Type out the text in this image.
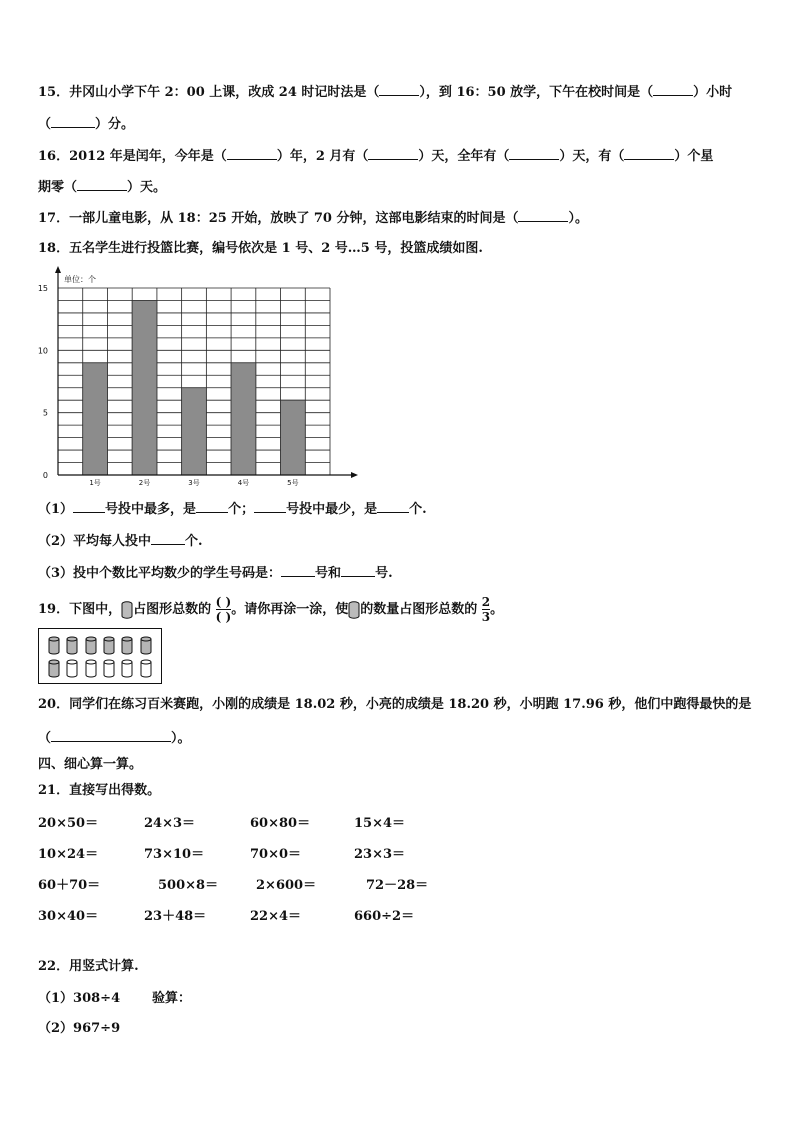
15．井冈山小学下午 2：00 上课，改成 24 时记时法是（	），到 16：50 放学，下午在校时间是（	）小时
（	）分。
16．2012 年是闰年，今年是（	）年，2 月有（	）天，全年有（	）天，有（	）个星
期零（	）天。
17．一部儿童电影，从 18：25 开始，放映了 70 分钟，这部电影结束的时间是（	）。
18．五名学生进行投篮比赛，编号依次是 1 号、2 号…5 号，投篮成绩如图.
单位：个
0
5
10
15
1号	2号	3号	4号	5号
（1） 号投中最多，是 个； 号投中最少，是 个.
（2）平均每人投中	个.
（3）投中个数比平均数少的学生号码是：	号和	号.
19．下图中， 占图形总数的 $\frac{( )}{( )}$。请你再涂一涂，使 的数量占图形总数的 $\frac{2}{3}$。
20．同学们在练习百米赛跑，小刚的成绩是 18.02 秒，小亮的成绩是 18.20 秒，小明跑 17.96 秒，他们中跑得最快的是
（	）。
四、细心算一算。
21．直接写出得数。
20×50＝	24×3＝	60×80＝	15×4＝
10×24＝	73×10＝	70×0＝	23×3＝
60＋70＝	500×8＝	2×600＝	72－28＝
30×40＝	23＋48＝	22×4＝	660÷2＝
22．用竖式计算.
（1）308÷4 验算：
（2）967÷9
